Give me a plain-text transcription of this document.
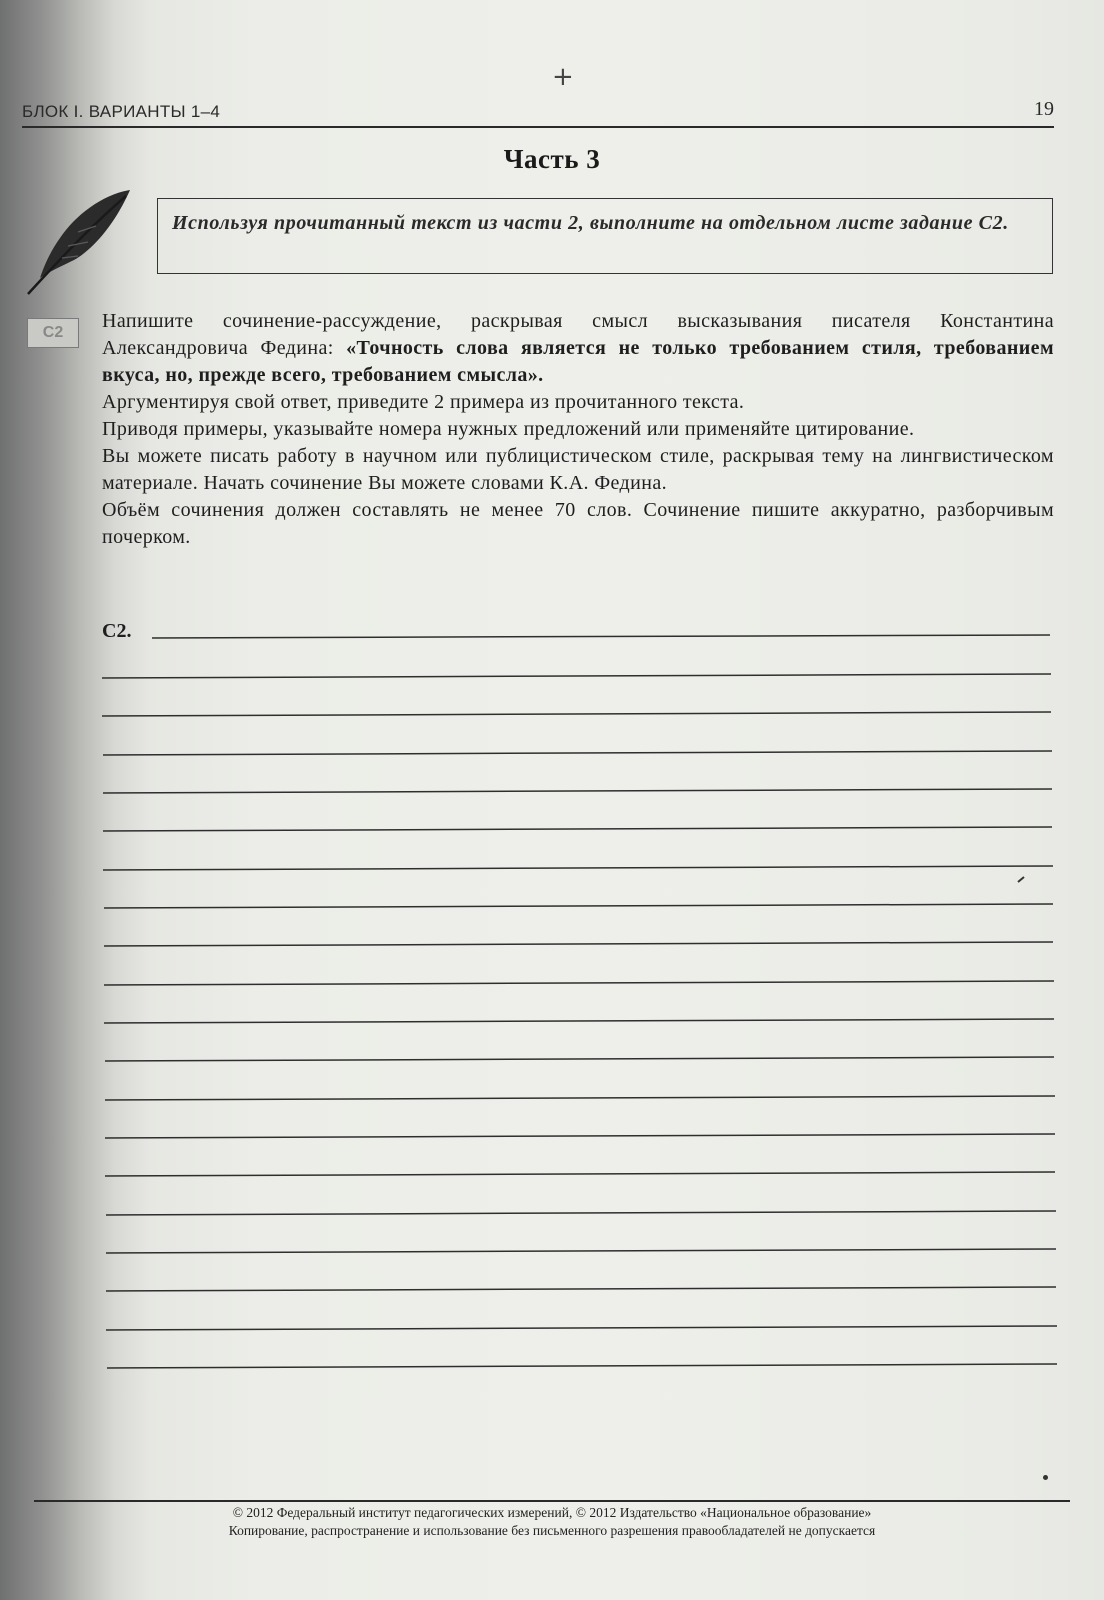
+
БЛОК I. ВАРИАНТЫ 1–4	19
Часть 3
Используя прочитанный текст из части 2, выполните на отдельном листе задание С2.
С2

Напишите сочинение-рассуждение, раскрывая смысл высказывания писателя Константина Александровича Федина: «Точность слова является не только требованием стиля, требованием вкуса, но, прежде всего, требованием смысла».

Аргументируя свой ответ, приведите 2 примера из прочитанного текста.

Приводя примеры, указывайте номера нужных предложений или применяйте цитирование.

Вы можете писать работу в научном или публицистическом стиле, раскрывая тему на лингвистическом материале. Начать сочинение Вы можете словами К.А. Федина.

Объём сочинения должен составлять не менее 70 слов. Сочинение пишите аккуратно, разборчивым почерком.

С2.
© 2012 Федеральный институт педагогических измерений, © 2012 Издательство «Национальное образование»
Копирование, распространение и использование без письменного разрешения правообладателей не допускается
